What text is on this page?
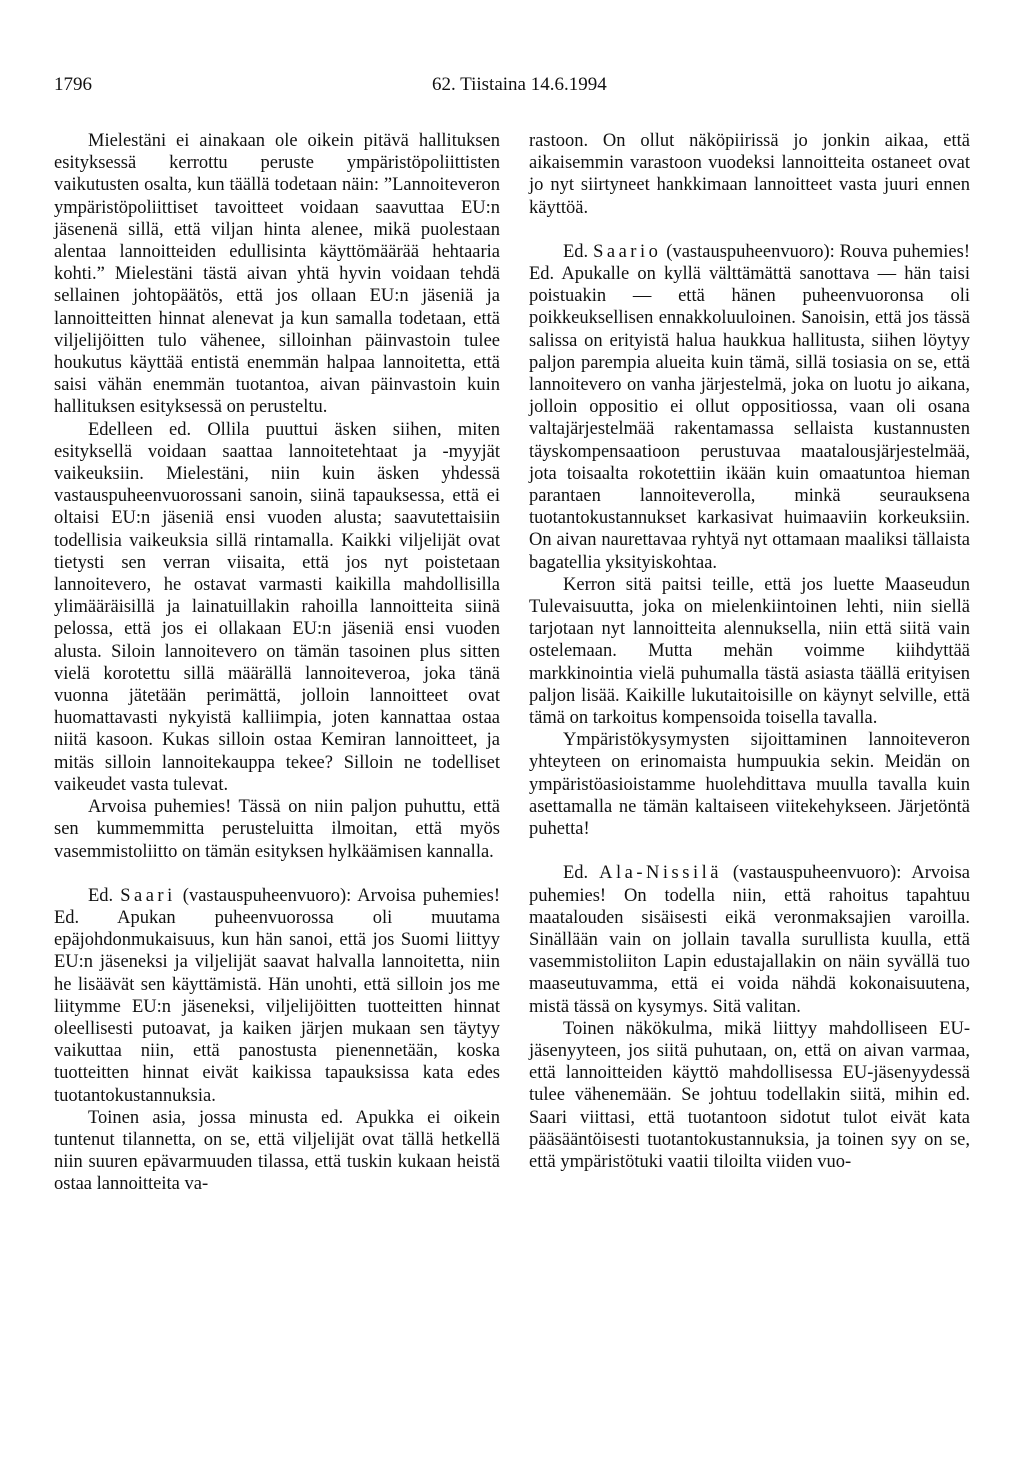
1796	62. Tiistaina 14.6.1994

Mielestäni ei ainakaan ole oikein pitävä hallituksen esityksessä kerrottu peruste ympäristöpoliittisten vaikutusten osalta, kun täällä todetaan näin: ”Lannoiteveron ympäristöpoliittiset tavoitteet voidaan saavuttaa EU:n jäsenenä sillä, että viljan hinta alenee, mikä puolestaan alentaa lannoitteiden edullisinta käyttömäärää hehtaaria kohti.” Mielestäni tästä aivan yhtä hyvin voidaan tehdä sellainen johtopäätös, että jos ollaan EU:n jäseniä ja lannoitteitten hinnat alenevat ja kun samalla todetaan, että viljelijöitten tulo vähenee, silloinhan päinvastoin tulee houkutus käyttää entistä enemmän halpaa lannoitetta, että saisi vähän enemmän tuotantoa, aivan päinvastoin kuin hallituksen esityksessä on perusteltu.

Edelleen ed. Ollila puuttui äsken siihen, miten esityksellä voidaan saattaa lannoitetehtaat ja -myyjät vaikeuksiin. Mielestäni, niin kuin äsken yhdessä vastauspuheenvuorossani sanoin, siinä tapauksessa, että ei oltaisi EU:n jäseniä ensi vuoden alusta; saavutettaisiin todellisia vaikeuksia sillä rintamalla. Kaikki viljelijät ovat tietysti sen verran viisaita, että jos nyt poistetaan lannoitevero, he ostavat varmasti kaikilla mahdollisilla ylimääräisillä ja lainatuillakin rahoilla lannoitteita siinä pelossa, että jos ei ollakaan EU:n jäseniä ensi vuoden alusta. Siloin lannoitevero on tämän tasoinen plus sitten vielä korotettu sillä määrällä lannoiteveroa, joka tänä vuonna jätetään perimättä, jolloin lannoitteet ovat huomattavasti nykyistä kalliimpia, joten kannattaa ostaa niitä kasoon. Kukas silloin ostaa Kemiran lannoitteet, ja mitäs silloin lannoitekauppa tekee? Silloin ne todelliset vaikeudet vasta tulevat.

Arvoisa puhemies! Tässä on niin paljon puhuttu, että sen kummemmitta perusteluitta ilmoitan, että myös vasemmistoliitto on tämän esityksen hylkäämisen kannalla.

Ed. Saari (vastauspuheenvuoro): Arvoisa puhemies! Ed. Apukan puheenvuorossa oli muutama epäjohdonmukaisuus, kun hän sanoi, että jos Suomi liittyy EU:n jäseneksi ja viljelijät saavat halvalla lannoitetta, niin he lisäävät sen käyttämistä. Hän unohti, että silloin jos me liitymme EU:n jäseneksi, viljelijöitten tuotteitten hinnat oleellisesti putoavat, ja kaiken järjen mukaan sen täytyy vaikuttaa niin, että panostusta pienennetään, koska tuotteitten hinnat eivät kaikissa tapauksissa kata edes tuotantokustannuksia.

Toinen asia, jossa minusta ed. Apukka ei oikein tuntenut tilannetta, on se, että viljelijät ovat tällä hetkellä niin suuren epävarmuuden tilassa, että tuskin kukaan heistä ostaa lannoitteita va-

rastoon. On ollut näköpiirissä jo jonkin aikaa, että aikaisemmin varastoon vuodeksi lannoitteita ostaneet ovat jo nyt siirtyneet hankkimaan lannoitteet vasta juuri ennen käyttöä.

Ed. Saario (vastauspuheenvuoro): Rouva puhemies! Ed. Apukalle on kyllä välttämättä sanottava — hän taisi poistuakin — että hänen puheenvuoronsa oli poikkeuksellisen ennakkoluuloinen. Sanoisin, että jos tässä salissa on erityistä halua haukkua hallitusta, siihen löytyy paljon parempia alueita kuin tämä, sillä tosiasia on se, että lannoitevero on vanha järjestelmä, joka on luotu jo aikana, jolloin oppositio ei ollut oppositiossa, vaan oli osana valtajärjestelmää rakentamassa sellaista kustannusten täyskompensaatioon perustuvaa maatalousjärjestelmää, jota toisaalta rokotettiin ikään kuin omaatuntoa hieman parantaen lannoiteverolla, minkä seurauksena tuotantokustannukset karkasivat huimaaviin korkeuksiin. On aivan naurettavaa ryhtyä nyt ottamaan maaliksi tällaista bagatellia yksityiskohtaa.

Kerron sitä paitsi teille, että jos luette Maaseudun Tulevaisuutta, joka on mielenkiintoinen lehti, niin siellä tarjotaan nyt lannoitteita alennuksella, niin että siitä vain ostelemaan. Mutta mehän voimme kiihdyttää markkinointia vielä puhumalla tästä asiasta täällä erityisen paljon lisää. Kaikille lukutaitoisille on käynyt selville, että tämä on tarkoitus kompensoida toisella tavalla.

Ympäristökysymysten sijoittaminen lannoiteveron yhteyteen on erinomaista humpuukia sekin. Meidän on ympäristöasioistamme huolehdittava muulla tavalla kuin asettamalla ne tämän kaltaiseen viitekehykseen. Järjetöntä puhetta!

Ed. Ala-Nissilä (vastauspuheenvuoro): Arvoisa puhemies! On todella niin, että rahoitus tapahtuu maatalouden sisäisesti eikä veronmaksajien varoilla. Sinällään vain on jollain tavalla surullista kuulla, että vasemmistoliiton Lapin edustajallakin on näin syvällä tuo maaseutuvamma, että ei voida nähdä kokonaisuutena, mistä tässä on kysymys. Sitä valitan.

Toinen näkökulma, mikä liittyy mahdolliseen EU-jäsenyyteen, jos siitä puhutaan, on, että on aivan varmaa, että lannoitteiden käyttö mahdollisessa EU-jäsenyydessä tulee vähenemään. Se johtuu todellakin siitä, mihin ed. Saari viittasi, että tuotantoon sidotut tulot eivät kata pääsääntöisesti tuotantokustannuksia, ja toinen syy on se, että ympäristötuki vaatii tiloilta viiden vuo-
